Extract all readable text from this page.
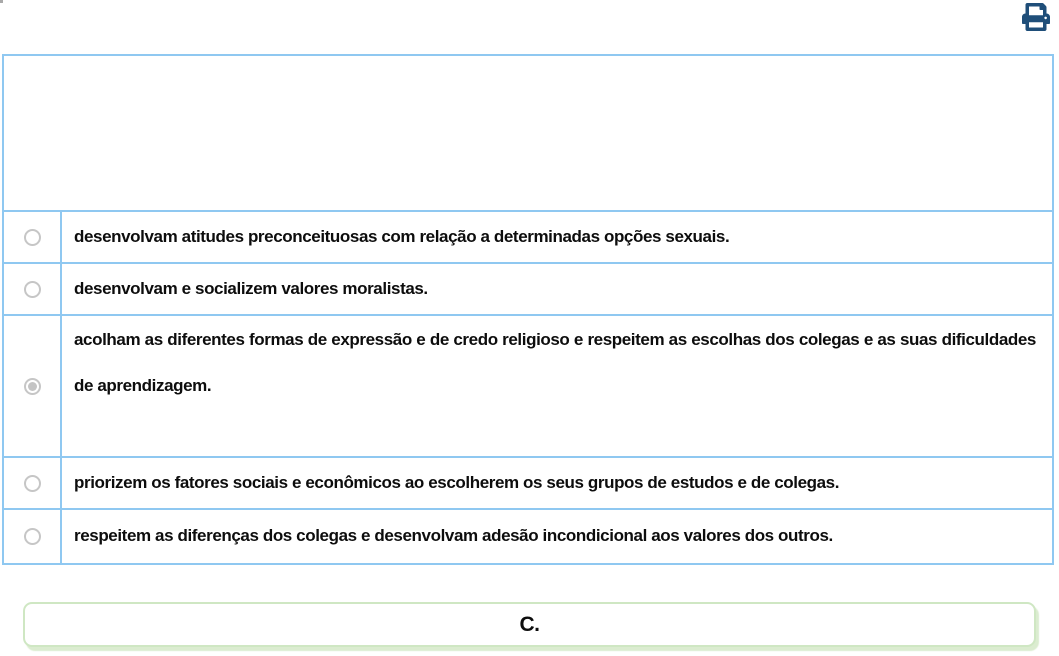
desenvolvam atitudes preconceituosas com relação a determinadas opções sexuais.
desenvolvam e socializem valores moralistas.
acolham as diferentes formas de expressão e de credo religioso e respeitem as escolhas dos colegas e as suas dificuldades de aprendizagem.
priorizem os fatores sociais e econômicos ao escolherem os seus grupos de estudos e de colegas.
respeitem as diferenças dos colegas e desenvolvam adesão incondicional aos valores dos outros.
C.
